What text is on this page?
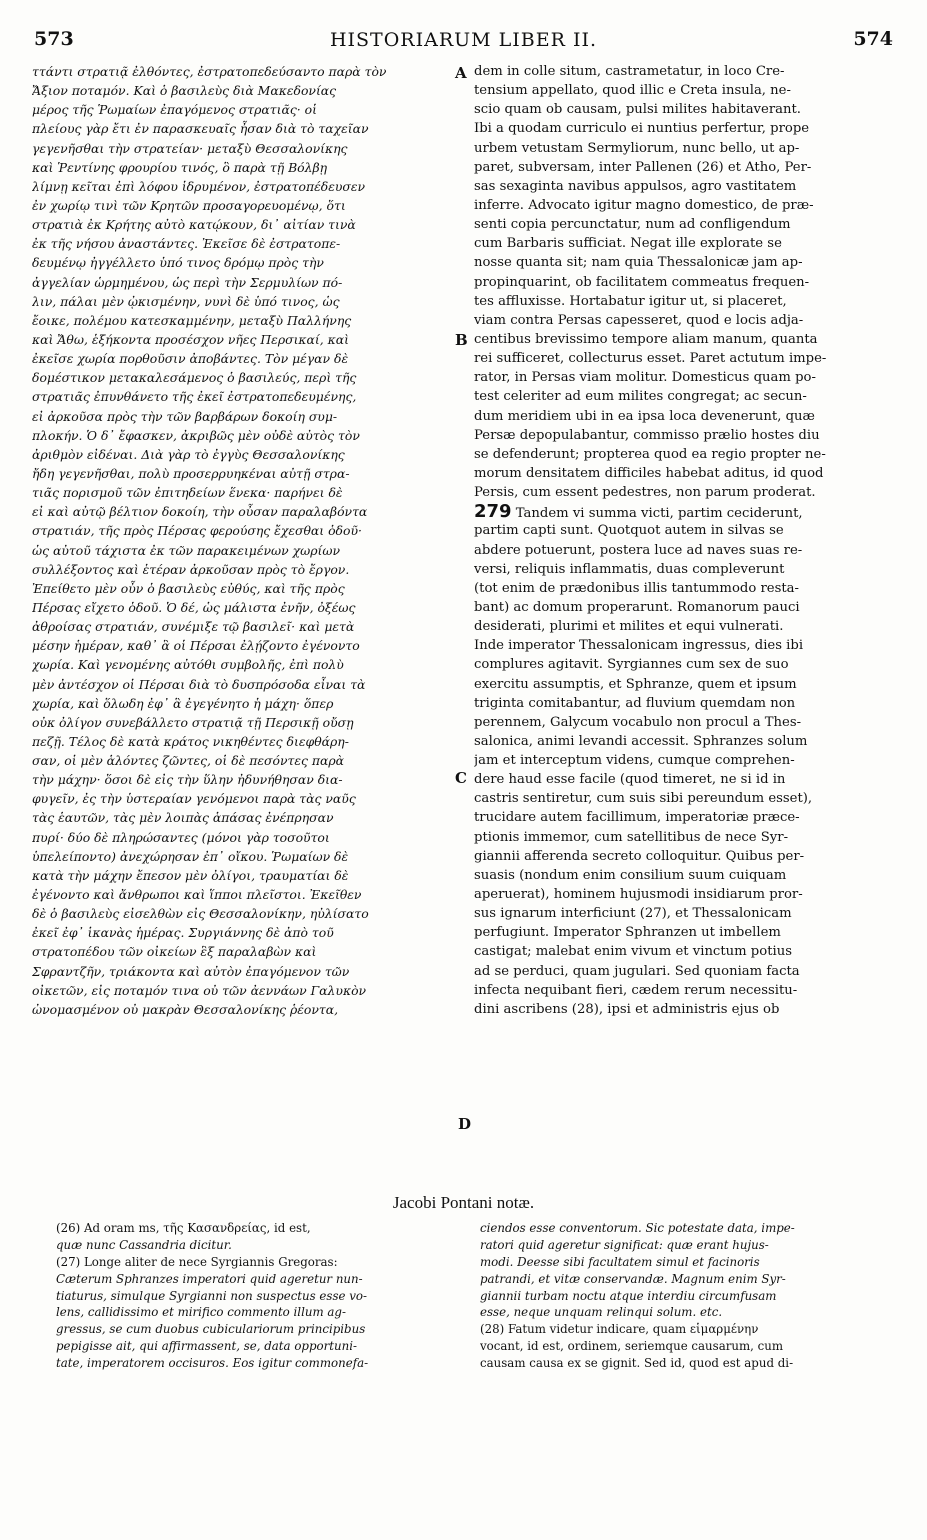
573	HISTORIARUM LIBER II.	574
ττάντι στρατιᾷ ἐλθόντες, ἐστρατοπεδεύσαντο παρὰ τὸν
Ἄξιον ποταμόν. Καὶ ὁ βασιλεὺς διὰ Μακεδονίας
μέρος τῆς Ῥωμαίων ἐπαγόμενος στρατιᾶς· οἱ
πλείους γὰρ ἔτι ἐν παρασκευαῖς ἦσαν διὰ τὸ ταχεῖαν
γεγενῆσθαι τὴν στρατείαν· μεταξὺ Θεσσαλονίκης
καὶ Ῥεντίνης φρουρίου τινός, ὃ παρὰ τῇ Βόλβῃ
λίμνῃ κεῖται ἐπὶ λόφου ἱδρυμένον, ἐστρατοπέδευσεν
ἐν χωρίῳ τινὶ τῶν Κρητῶν προσαγορευομένῳ, ὅτι
στρατιὰ ἐκ Κρήτης αὐτὸ κατῴκουν, δι᾽ αἰτίαν τινὰ
ἐκ τῆς νήσου ἀναστάντες. Ἐκεῖσε δὲ ἐστρατοπε-
δευμένῳ ἠγγέλλετο ὑπό τινος δρόμῳ πρὸς τὴν
ἀγγελίαν ὡρμημένου, ὡς περὶ τὴν Σερμυλίων πό-
λιν, πάλαι μὲν ᾠκισμένην, νυνὶ δὲ ὑπό τινος, ὡς
ἔοικε, πολέμου κατεσκαμμένην, μεταξὺ Παλλήνης
καὶ Ἄθω, ἑξήκοντα προσέσχον νῆες Περσικαί, καὶ
ἐκεῖσε χωρία πορθοῦσιν ἀποβάντες. Τὸν μέγαν δὲ
δομέστικον μετακαλεσάμενος ὁ βασιλεύς, περὶ τῆς
στρατιᾶς ἐπυνθάνετο τῆς ἐκεῖ ἐστρατοπεδευμένης,
εἰ ἀρκοῦσα πρὸς τὴν τῶν βαρβάρων δοκοίη συμ-
πλοκήν. Ὁ δ᾽ ἔφασκεν, ἀκριβῶς μὲν οὐδὲ αὐτὸς τὸν
ἀριθμὸν εἰδέναι. Διὰ γὰρ τὸ ἐγγὺς Θεσσαλονίκης
ἤδη γεγενῆσθαι, πολὺ προσερρυηκέναι αὐτῇ στρα-
τιᾶς πορισμοῦ τῶν ἐπιτηδείων ἕνεκα· παρήνει δὲ
εἰ καὶ αὐτῷ βέλτιον δοκοίη, τὴν οὖσαν παραλαβόντα
στρατιάν, τῆς πρὸς Πέρσας φερούσης ἔχεσθαι ὁδοῦ·
ὡς αὐτοῦ τάχιστα ἐκ τῶν παρακειμένων χωρίων
συλλέξοντος καὶ ἑτέραν ἀρκοῦσαν πρὸς τὸ ἔργον.
Ἐπείθετο μὲν οὖν ὁ βασιλεὺς εὐθύς, καὶ τῆς πρὸς
Πέρσας εἴχετο ὁδοῦ. Ὁ δέ, ὡς μάλιστα ἐνῆν, ὀξέως
ἀθροίσας στρατιάν, συνέμιξε τῷ βασιλεῖ· καὶ μετὰ
μέσην ἡμέραν, καθ᾽ ἃ οἱ Πέρσαι ἐλῄζοντο ἐγένοντο
χωρία. Καὶ γενομένης αὐτόθι συμβολῆς, ἐπὶ πολὺ
μὲν ἀντέσχον οἱ Πέρσαι διὰ τὸ δυσπρόσοδα εἶναι τὰ
χωρία, καὶ ὅλωδη ἐφ᾽ ἃ ἐγεγένητο ἡ μάχη· ὅπερ
οὐκ ὀλίγον συνεβάλλετο στρατιᾷ τῇ Περσικῇ οὔσῃ
πεζῇ. Τέλος δὲ κατὰ κράτος νικηθέντες διεφθάρη-
σαν, οἱ μὲν ἁλόντες ζῶντες, οἱ δὲ πεσόντες παρὰ
τὴν μάχην· ὅσοι δὲ εἰς τὴν ὕλην ἠδυνήθησαν δια-
φυγεῖν, ἐς τὴν ὑστεραίαν γενόμενοι παρὰ τὰς ναῦς
τὰς ἑαυτῶν, τὰς μὲν λοιπὰς ἁπάσας ἐνέπρησαν
πυρί· δύο δὲ πληρώσαντες (μόνοι γὰρ τοσοῦτοι
ὑπελείποντο) ἀνεχώρησαν ἐπ᾽ οἴκου. Ῥωμαίων δὲ
κατὰ τὴν μάχην ἔπεσον μὲν ὀλίγοι, τραυματίαι δὲ
ἐγένοντο καὶ ἄνθρωποι καὶ ἵπποι πλεῖστοι. Ἐκεῖθεν
δὲ ὁ βασιλεὺς εἰσελθὼν εἰς Θεσσαλονίκην, ηὐλίσατο
ἐκεῖ ἐφ᾽ ἱκανὰς ἡμέρας. Συργιάννης δὲ ἀπὸ τοῦ
στρατοπέδου τῶν οἰκείων ἓξ παραλαβὼν καὶ
Σφραντζῆν, τριάκοντα καὶ αὐτὸν ἐπαγόμενον τῶν
οἰκετῶν, εἰς ποταμόν τινα οὐ τῶν ἀεννάων Γαλυκὸν
ὠνομασμένον οὐ μακρὰν Θεσσαλονίκης ῥέοντα,
dem in colle situm, castrametatur, in loco Cre-
tensium appellato, quod illic e Creta insula, ne-
scio quam ob causam, pulsi milites habitaverant.
Ibi a quodam curriculo ei nuntius perfertur, prope
urbem vetustam Sermyliorum, nunc bello, ut ap-
paret, subversam, inter Pallenen (26) et Atho, Per-
sas sexaginta navibus appulsos, agro vastitatem
inferre. Advocato igitur magno domestico, de præ-
senti copia percunctatur, num ad confligendum
cum Barbaris sufficiat. Negat ille explorate se
nosse quanta sit; nam quia Thessalonicæ jam ap-
propinquarint, ob facilitatem commeatus frequen-
tes affluxisse. Hortabatur igitur ut, si placeret,
viam contra Persas capesseret, quod e locis adja-
centibus brevissimo tempore aliam manum, quanta
rei sufficeret, collecturus esset. Paret actutum impe-
rator, in Persas viam molitur. Domesticus quam po-
test celeriter ad eum milites congregat; ac secun-
dum meridiem ubi in ea ipsa loca devenerunt, quæ
Persæ depopulabantur, commisso prælio hostes diu
se defenderunt; propterea quod ea regio propter ne-
morum densitatem difficiles habebat aditus, id quod
Persis, cum essent pedestres, non parum proderat.
279 Tandem vi summa victi, partim ceciderunt,
partim capti sunt. Quotquot autem in silvas se
abdere potuerunt, postera luce ad naves suas re-
versi, reliquis inflammatis, duas compleverunt
(tot enim de prædonibus illis tantummodo resta-
bant) ac domum properarunt. Romanorum pauci
desiderati, plurimi et milites et equi vulnerati.
Inde imperator Thessalonicam ingressus, dies ibi
complures agitavit. Syrgiannes cum sex de suo
exercitu assumptis, et Sphranze, quem et ipsum
triginta comitabantur, ad fluvium quemdam non
perennem, Galycum vocabulo non procul a Thes-
salonica, animi levandi accessit. Sphranzes solum
jam et interceptum videns, cumque comprehen-
dere haud esse facile (quod timeret, ne si id in
castris sentiretur, cum suis sibi pereundum esset),
trucidare autem facillimum, imperatoriæ præce-
ptionis immemor, cum satellitibus de nece Syr-
giannii afferenda secreto colloquitur. Quibus per-
suasis (nondum enim consilium suum cuiquam
aperuerat), hominem hujusmodi insidiarum pror-
sus ignarum interficiunt (27), et Thessalonicam
perfugiunt. Imperator Sphranzen ut imbellem
castigat; malebat enim vivum et vinctum potius
ad se perduci, quam jugulari. Sed quoniam facta
infecta nequibant fieri, cædem rerum necessitu-
dini ascribens (28), ipsi et administris ejus ob
A
B
C
D
Jacobi Pontani notæ.
(26) Ad oram ms, τῆς Κασανδρείας, id est,
quæ nunc Cassandria dicitur.
(27) Longe aliter de nece Syrgiannis Gregoras:
Cæterum Sphranzes imperatori quid ageretur nun-
tiaturus, simulque Syrgianni non suspectus esse vo-
lens, callidissimo et mirifico commento illum ag-
gressus, se cum duobus cubiculariorum principibus
pepigisse ait, qui affirmassent, se, data opportuni-
tate, imperatorem occisuros. Eos igitur commonefa-
ciendos esse conventorum. Sic potestate data, impe-
ratori quid ageretur significat: quæ erant hujus-
modi. Deesse sibi facultatem simul et facinoris
patrandi, et vitæ conservandæ. Magnum enim Syr-
giannii turbam noctu atque interdiu circumfusam
esse, neque unquam relinqui solum. etc.
(28) Fatum videtur indicare, quam εἱμαρμένην
vocant, id est, ordinem, seriemque causarum, cum
causam causa ex se gignit. Sed id, quod est apud di-
